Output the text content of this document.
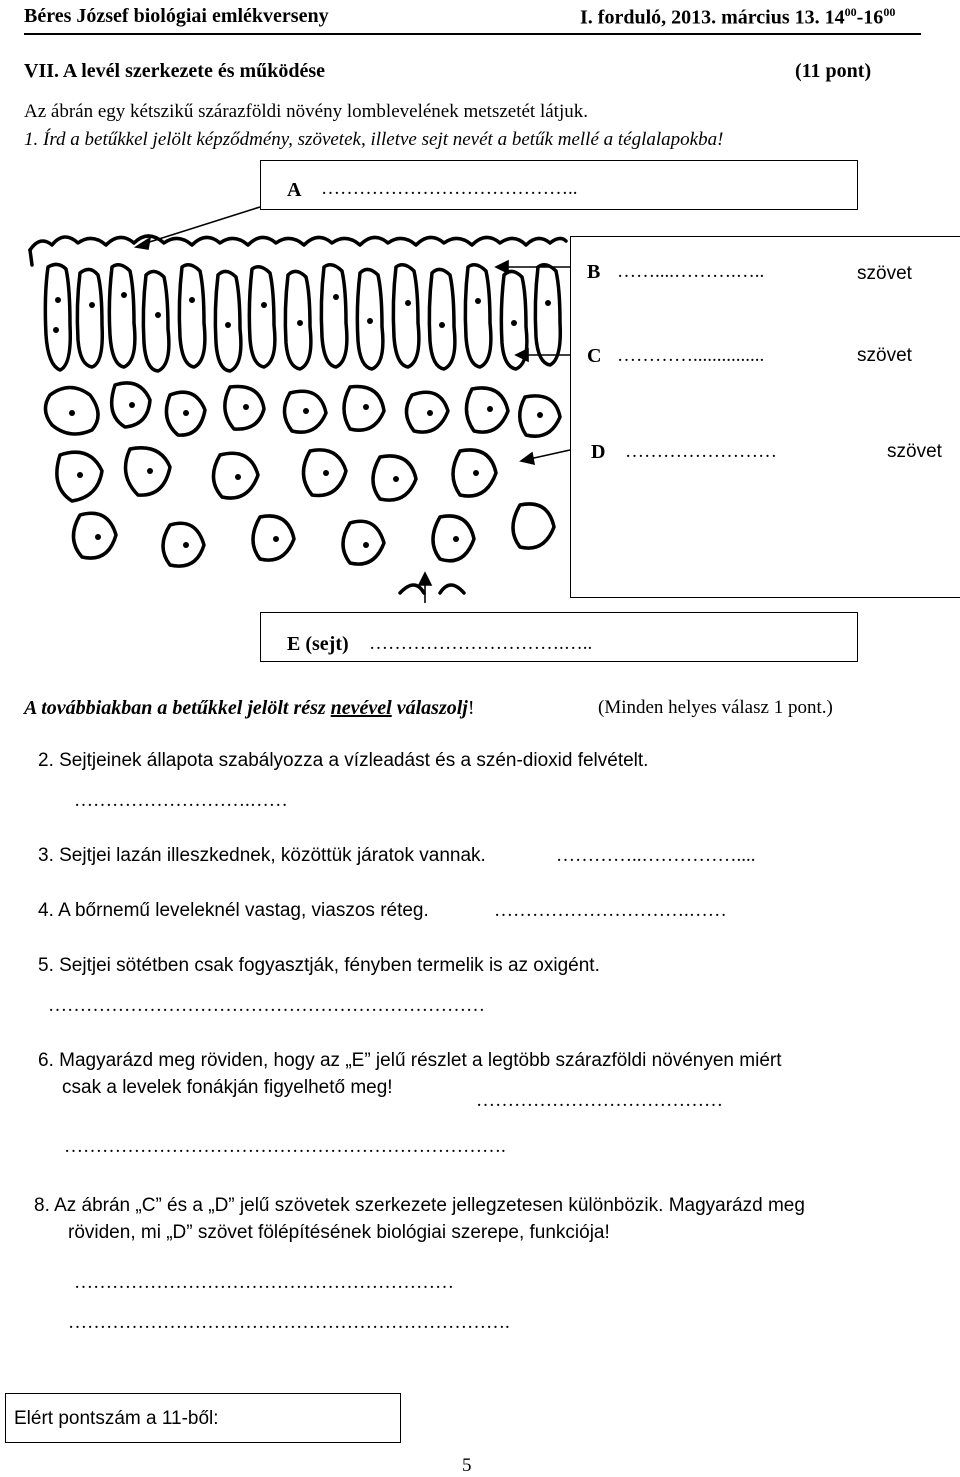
Béres József biológiai emlékverseny	I. forduló, 2013. március 13. $14^{00}-16^{00}$
VII. A levél szerkezete és működése	(11 pont)
Az ábrán egy kétszikű szárazföldi növény lomblevelének metszetét látjuk.
1. Írd a betűkkel jelölt képződmény, szövetek, illetve sejt nevét a betűk mellé a téglalapokba!
A …………………………………..
B ……....……….…..	szövet
C …………...............	szövet
D ……………………	szövet
E (sejt) ………………………….…..
A továbbiakban a betűkkel jelölt rész nevével válaszolj!	(Minden helyes válasz 1 pont.)
2. Sejtjeinek állapota szabályozza a vízleadást és a szén-dioxid felvételt.
……………………….……
3. Sejtjei lazán illeszkednek, közöttük járatok vannak.	…………..……………....
4. A bőrnemű leveleknél vastag, viaszos réteg.	………………………….……
5. Sejtjei sötétben csak fogyasztják, fényben termelik is az oxigént.
……………………………………………………………
6. Magyarázd meg röviden, hogy az „E” jelű részlet a legtöbb szárazföldi növényen miért
csak a levelek fonákján figyelhető meg!
…………………………………
…………………………………………………………….
8. Az ábrán „C” és a „D” jelű szövetek szerkezete jellegzetesen különbözik. Magyarázd meg
röviden, mi „D” szövet fölépítésének biológiai szerepe, funkciója!
……………………………………………………
…………………………………………………………….
Elért pontszám a 11-ből:
5
